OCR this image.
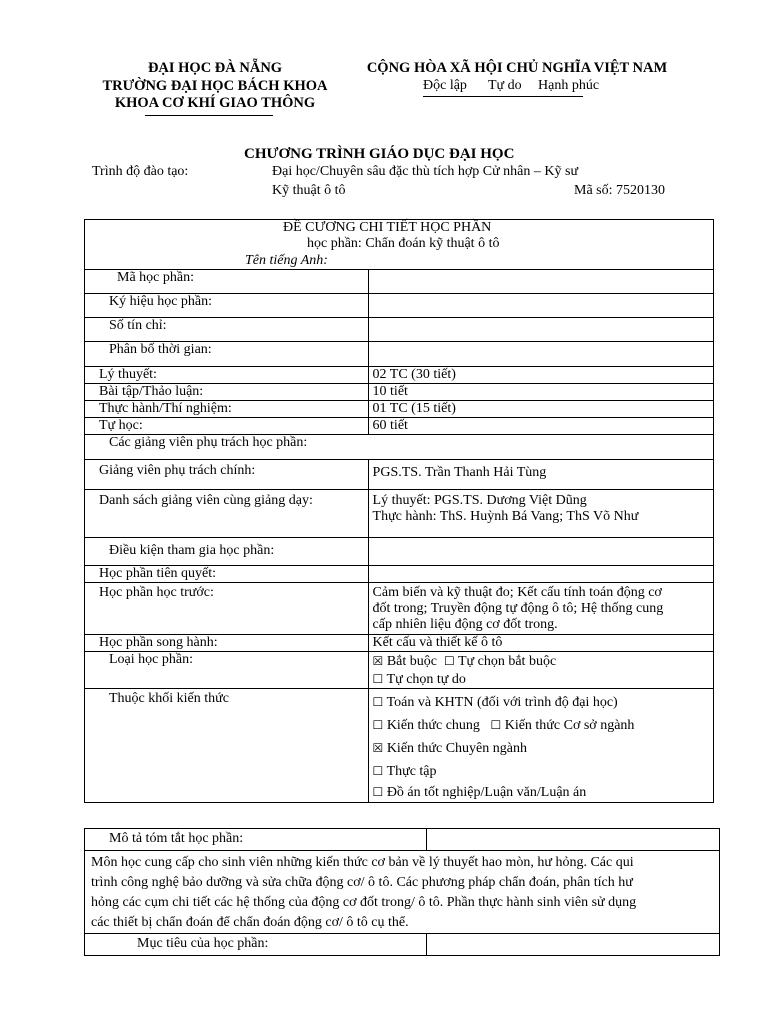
ĐẠI HỌC ĐÀ NẴNG
TRƯỜNG ĐẠI HỌC BÁCH KHOA
KHOA CƠ KHÍ GIAO THÔNG
CỘNG HÒA XÃ HỘI CHỦ NGHĨA VIỆT NAM
Độc lập Tự do Hạnh phúc
CHƯƠNG TRÌNH GIÁO DỤC ĐẠI HỌC
Trình độ đào tạo:	Đại học/Chuyên sâu đặc thù tích hợp Cử nhân – Kỹ sư
Kỹ thuật ô tô	Mã số: 7520130
ĐỀ CƯƠNG CHI TIẾT HỌC PHẦN
học phần: Chẩn đoán kỹ thuật ô tô
Tên tiếng Anh:	

Mã học phần:	
Ký hiệu học phần:	
Số tín chỉ:	
Phân bố thời gian:	
Lý thuyết:	02 TC (30 tiết)
Bài tập/Thảo luận:	10 tiết
Thực hành/Thí nghiệm:	01 TC (15 tiết)
Tự học:	60 tiết
Các giảng viên phụ trách học phần:	
Giảng viên phụ trách chính:	PGS.TS. Trần Thanh Hải Tùng
Danh sách giảng viên cùng giảng dạy:	Lý thuyết: PGS.TS. Dương Việt Dũng
Thực hành: ThS. Huỳnh Bá Vang; ThS Võ Như

Điều kiện tham gia học phần:	
Học phần tiên quyết:	
Học phần học trước:	Cảm biến và kỹ thuật đo; Kết cấu tính toán động cơ
đốt trong; Truyền động tự động ô tô; Hệ thống cung
cấp nhiên liệu động cơ đốt trong.

Học phần song hành:	Kết cấu và thiết kế ô tô
Loại học phần:	☒ Bắt buộc ☐ Tự chọn bắt buộc
☐ Tự chọn tự do

Thuộc khối kiến thức	☐ Toán và KHTN (đối với trình độ đại học)
☐ Kiến thức chung ☐ Kiến thức Cơ sở ngành
☒ Kiến thức Chuyên ngành
☐ Thực tập
☐ Đồ án tốt nghiệp/Luận văn/Luận án
Mô tả tóm tắt học phần:	

Môn học cung cấp cho sinh viên những kiến thức cơ bản về lý thuyết hao mòn, hư hỏng. Các qui
trình công nghệ bảo dưỡng và sửa chữa động cơ/ ô tô. Các phương pháp chẩn đoán, phân tích hư
hỏng các cụm chi tiết các hệ thống của động cơ đốt trong/ ô tô. Phần thực hành sinh viên sử dụng
các thiết bị chẩn đoán để chẩn đoán động cơ/ ô tô cụ thể.	

Mục tiêu của học phần:	
